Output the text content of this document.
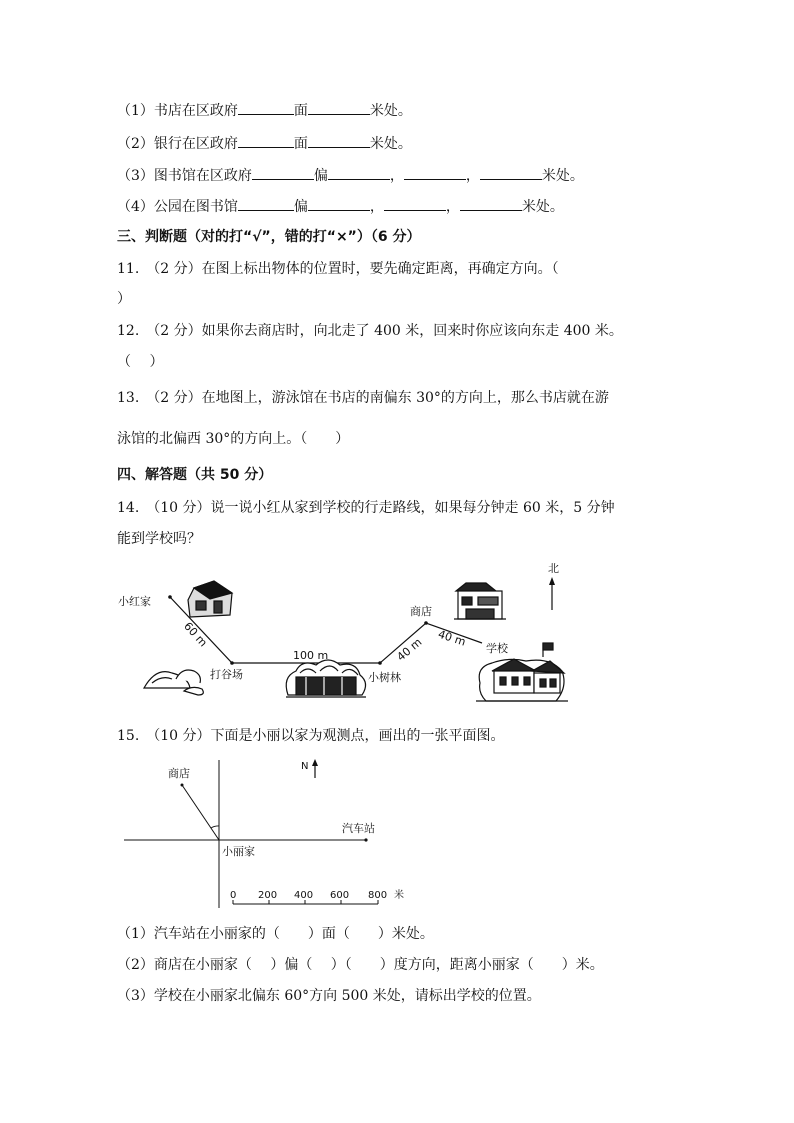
（1）书店在区政府	面	米处。
（2）银行在区政府	面	米处。
（3）图书馆在区政府	偏	，	，	米处。
（4）公园在图书馆	偏	，	，	米处。
三、判断题（对的打“√”，错的打“×”）（6 分）
11.　（2 分）在图上标出物体的位置时，要先确定距离，再确定方向。（
）
12.　（2 分）如果你去商店时，向北走了 400 米，回来时你应该向东走 400 米。
（　 ）
13.　（2 分）在地图上，游泳馆在书店的南偏东 30°的方向上，那么书店就在游
泳馆的北偏西 30°的方向上。（　　）
四、解答题（共 50 分）
14.　（10 分）说一说小红从家到学校的行走路线，如果每分钟走 60 米，5 分钟
能到学校吗？
北
小红家
打谷场	小树林
商店
学校
60 m
100 m	40 m 40 m
15.　（10 分）下面是小丽以家为观测点，画出的一张平面图。
N
商店
汽车站
小丽家
0 200 400 600 800 米
（1）汽车站在小丽家的（　　）面（　　）米处。
（2）商店在小丽家（　 ）偏（　 ）（　　）度方向，距离小丽家（　　）米。
（3）学校在小丽家北偏东 60°方向 500 米处，请标出学校的位置。
